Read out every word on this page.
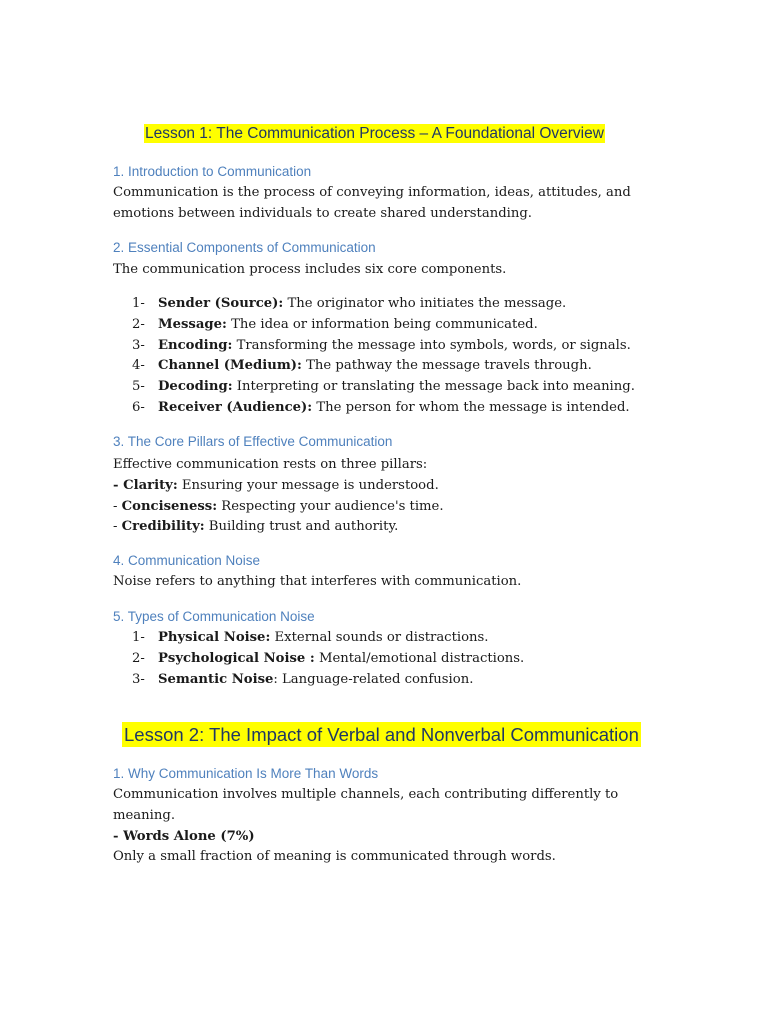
Lesson 1: The Communication Process – A Foundational Overview
1. Introduction to Communication
Communication is the process of conveying information, ideas, attitudes, and
emotions between individuals to create shared understanding.
2. Essential Components of Communication
The communication process includes six core components.
1- Sender (Source): The originator who initiates the message.
2- Message: The idea or information being communicated.
3- Encoding: Transforming the message into symbols, words, or signals.
4- Channel (Medium): The pathway the message travels through.
5- Decoding: Interpreting or translating the message back into meaning.
6- Receiver (Audience): The person for whom the message is intended.
3. The Core Pillars of Effective Communication
Effective communication rests on three pillars:
- Clarity: Ensuring your message is understood.
- Conciseness: Respecting your audience's time.
- Credibility: Building trust and authority.
4. Communication Noise
Noise refers to anything that interferes with communication.
5. Types of Communication Noise
1- Physical Noise: External sounds or distractions.
2- Psychological Noise : Mental/emotional distractions.
3- Semantic Noise : Language-related confusion.
Lesson 2: The Impact of Verbal and Nonverbal Communication
1. Why Communication Is More Than Words
Communication involves multiple channels, each contributing differently to
meaning.
- Words Alone (7%)
Only a small fraction of meaning is communicated through words.
